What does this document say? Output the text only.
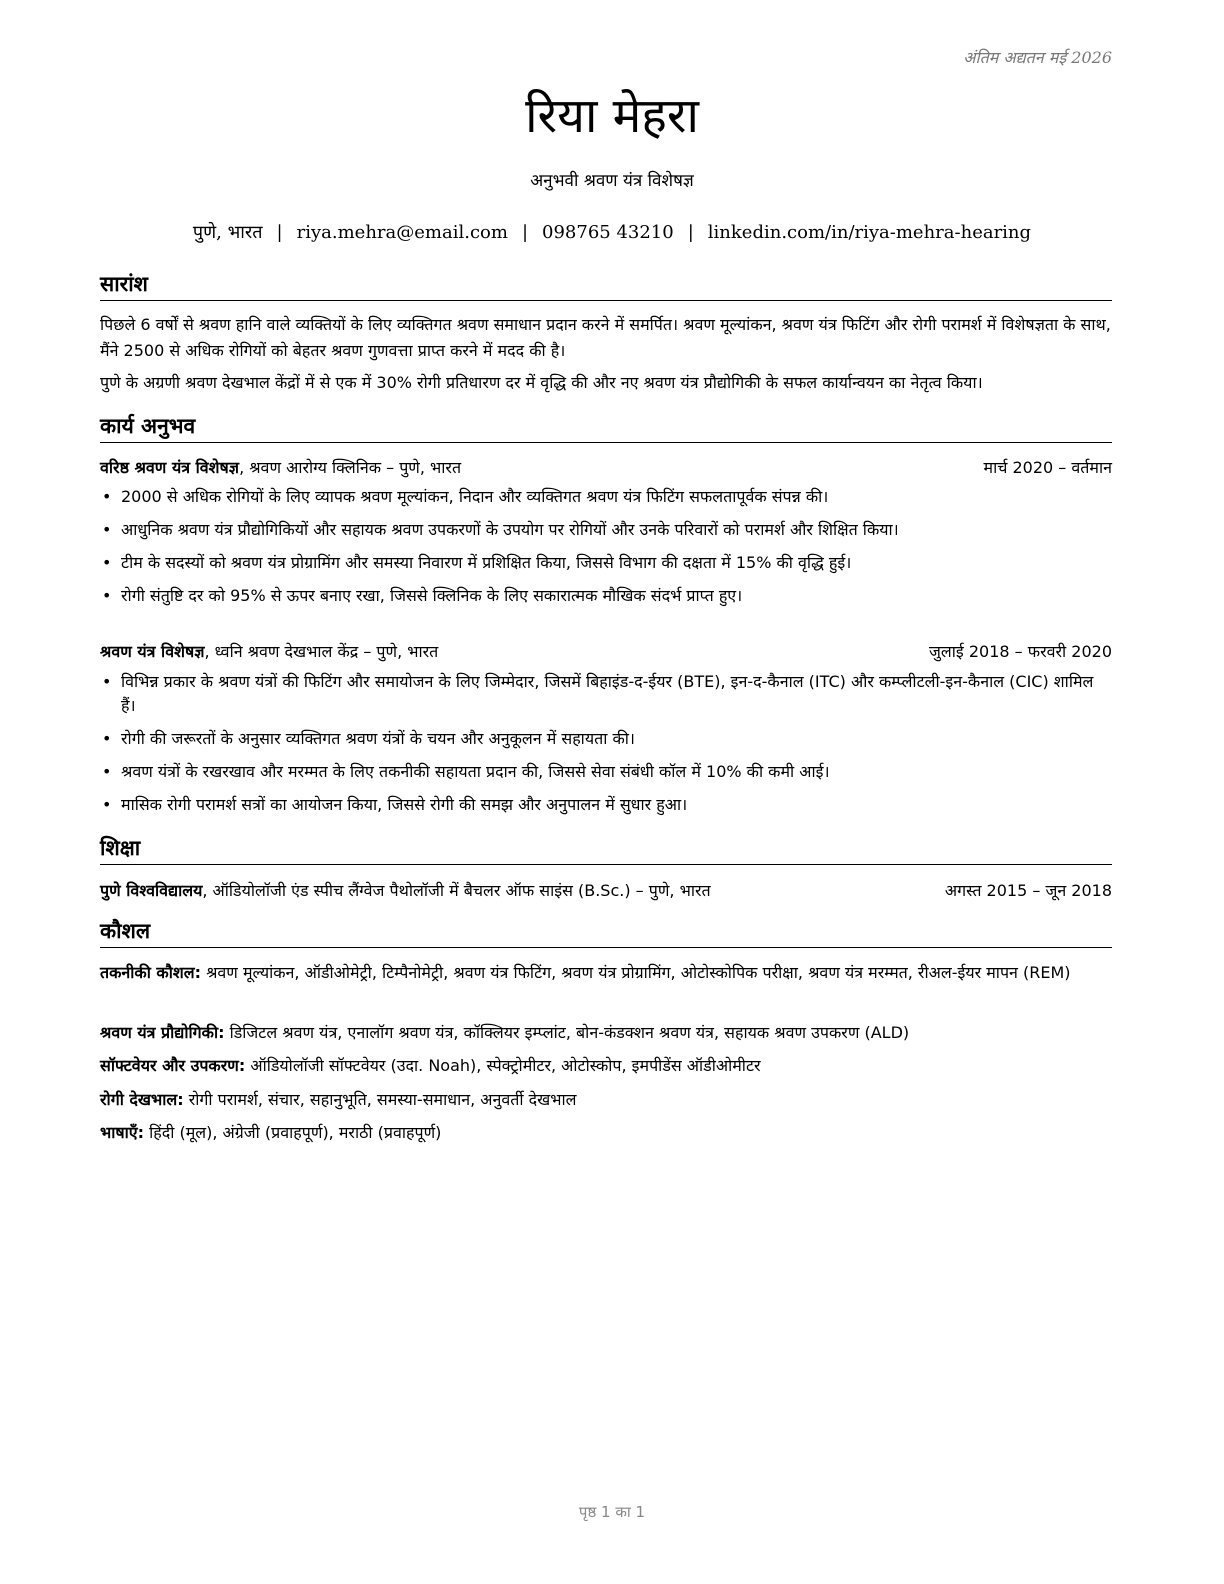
अंतिम अद्यतन मई 2026
रिया मेहरा
अनुभवी श्रवण यंत्र विशेषज्ञ
पुणे, भारत | riya.mehra@email.com | 098765 43210 | linkedin.com/in/riya-mehra-hearing
सारांश
पिछले 6 वर्षों से श्रवण हानि वाले व्यक्तियों के लिए व्यक्तिगत श्रवण समाधान प्रदान करने में समर्पित। श्रवण मूल्यांकन, श्रवण यंत्र फिटिंग और रोगी परामर्श में विशेषज्ञता के साथ, मैंने 2500 से अधिक रोगियों को बेहतर श्रवण गुणवत्ता प्राप्त करने में मदद की है।
पुणे के अग्रणी श्रवण देखभाल केंद्रों में से एक में 30% रोगी प्रतिधारण दर में वृद्धि की और नए श्रवण यंत्र प्रौद्योगिकी के सफल कार्यान्वयन का नेतृत्व किया।
कार्य अनुभव
वरिष्ठ श्रवण यंत्र विशेषज्ञ, श्रवण आरोग्य क्लिनिक – पुणे, भारत	मार्च 2020 – वर्तमान
• 2000 से अधिक रोगियों के लिए व्यापक श्रवण मूल्यांकन, निदान और व्यक्तिगत श्रवण यंत्र फिटिंग सफलतापूर्वक संपन्न की।
• आधुनिक श्रवण यंत्र प्रौद्योगिकियों और सहायक श्रवण उपकरणों के उपयोग पर रोगियों और उनके परिवारों को परामर्श और शिक्षित किया।
• टीम के सदस्यों को श्रवण यंत्र प्रोग्रामिंग और समस्या निवारण में प्रशिक्षित किया, जिससे विभाग की दक्षता में 15% की वृद्धि हुई।
• रोगी संतुष्टि दर को 95% से ऊपर बनाए रखा, जिससे क्लिनिक के लिए सकारात्मक मौखिक संदर्भ प्राप्त हुए।
श्रवण यंत्र विशेषज्ञ, ध्वनि श्रवण देखभाल केंद्र – पुणे, भारत	जुलाई 2018 – फरवरी 2020
• विभिन्न प्रकार के श्रवण यंत्रों की फिटिंग और समायोजन के लिए जिम्मेदार, जिसमें बिहाइंड-द-ईयर (BTE), इन-द-कैनाल (ITC) और कम्प्लीटली-इन-कैनाल (CIC) शामिल हैं।
• रोगी की जरूरतों के अनुसार व्यक्तिगत श्रवण यंत्रों के चयन और अनुकूलन में सहायता की।
• श्रवण यंत्रों के रखरखाव और मरम्मत के लिए तकनीकी सहायता प्रदान की, जिससे सेवा संबंधी कॉल में 10% की कमी आई।
• मासिक रोगी परामर्श सत्रों का आयोजन किया, जिससे रोगी की समझ और अनुपालन में सुधार हुआ।
शिक्षा
पुणे विश्वविद्यालय, ऑडियोलॉजी एंड स्पीच लैंग्वेज पैथोलॉजी में बैचलर ऑफ साइंस (B.Sc.) – पुणे, भारत	अगस्त 2015 – जून 2018
कौशल
तकनीकी कौशल: श्रवण मूल्यांकन, ऑडीओमेट्री, टिम्पैनोमेट्री, श्रवण यंत्र फिटिंग, श्रवण यंत्र प्रोग्रामिंग, ओटोस्कोपिक परीक्षा, श्रवण यंत्र मरम्मत, रीअल-ईयर मापन (REM)
श्रवण यंत्र प्रौद्योगिकी: डिजिटल श्रवण यंत्र, एनालॉग श्रवण यंत्र, कॉक्लियर इम्प्लांट, बोन-कंडक्शन श्रवण यंत्र, सहायक श्रवण उपकरण (ALD)
सॉफ्टवेयर और उपकरण: ऑडियोलॉजी सॉफ्टवेयर (उदा. Noah), स्पेक्ट्रोमीटर, ओटोस्कोप, इमपीडेंस ऑडीओमीटर
रोगी देखभाल: रोगी परामर्श, संचार, सहानुभूति, समस्या-समाधान, अनुवर्ती देखभाल
भाषाएँ: हिंदी (मूल), अंग्रेजी (प्रवाहपूर्ण), मराठी (प्रवाहपूर्ण)
पृष्ठ 1 का 1
